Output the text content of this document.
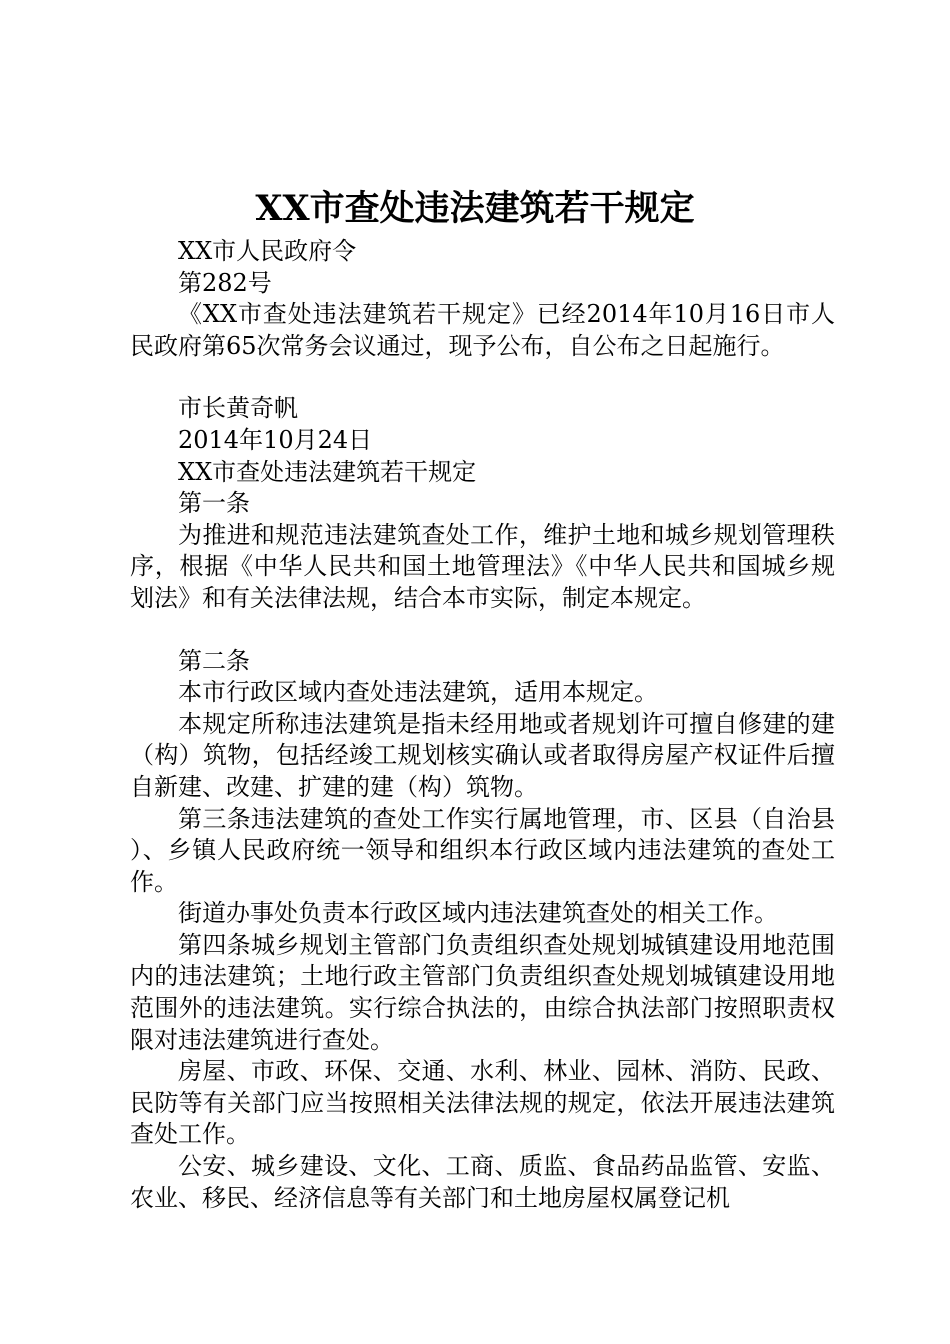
XX市查处违法建筑若干规定

XX市人民政府令

第282号

《XX市查处违法建筑若干规定》已经2014年10月16日市人民政府第65次常务会议通过，现予公布，自公布之日起施行。

市长黄奇帆

2014年10月24日

XX市查处违法建筑若干规定

第一条

为推进和规范违法建筑查处工作，维护土地和城乡规划管理秩序，根据《中华人民共和国土地管理法》《中华人民共和国城乡规划法》和有关法律法规，结合本市实际，制定本规定。

第二条

本市行政区域内查处违法建筑，适用本规定。

本规定所称违法建筑是指未经用地或者规划许可擅自修建的建（构）筑物，包括经竣工规划核实确认或者取得房屋产权证件后擅自新建、改建、扩建的建（构）筑物。

第三条违法建筑的查处工作实行属地管理，市、区县（自治县）、乡镇人民政府统一领导和组织本行政区域内违法建筑的查处工作。

街道办事处负责本行政区域内违法建筑查处的相关工作。

第四条城乡规划主管部门负责组织查处规划城镇建设用地范围内的违法建筑；土地行政主管部门负责组织查处规划城镇建设用地范围外的违法建筑。实行综合执法的，由综合执法部门按照职责权限对违法建筑进行查处。

房屋、市政、环保、交通、水利、林业、园林、消防、民政、民防等有关部门应当按照相关法律法规的规定，依法开展违法建筑查处工作。

公安、城乡建设、文化、工商、质监、食品药品监管、安监、农业、移民、经济信息等有关部门和土地房屋权属登记机
